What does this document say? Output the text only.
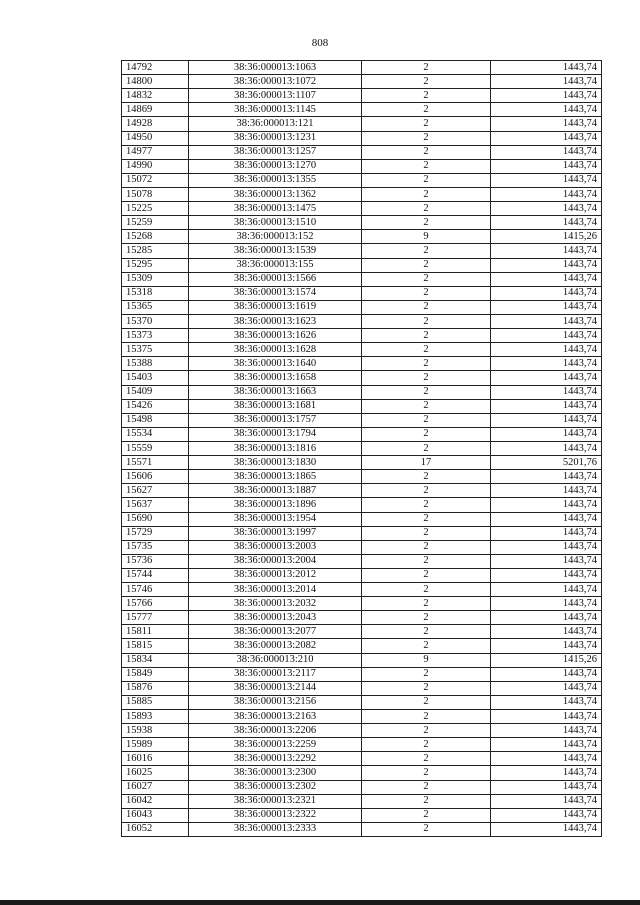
808
14792	38:36:000013:1063	2	1443,74
14800	38:36:000013:1072	2	1443,74
14832	38:36:000013:1107	2	1443,74
14869	38:36:000013:1145	2	1443,74
14928	38:36:000013:121	2	1443,74
14950	38:36:000013:1231	2	1443,74
14977	38:36:000013:1257	2	1443,74
14990	38:36:000013:1270	2	1443,74
15072	38:36:000013:1355	2	1443,74
15078	38:36:000013:1362	2	1443,74
15225	38:36:000013:1475	2	1443,74
15259	38:36:000013:1510	2	1443,74
15268	38:36:000013:152	9	1415,26
15285	38:36:000013:1539	2	1443,74
15295	38:36:000013:155	2	1443,74
15309	38:36:000013:1566	2	1443,74
15318	38:36:000013:1574	2	1443,74
15365	38:36:000013:1619	2	1443,74
15370	38:36:000013:1623	2	1443,74
15373	38:36:000013:1626	2	1443,74
15375	38:36:000013:1628	2	1443,74
15388	38:36:000013:1640	2	1443,74
15403	38:36:000013:1658	2	1443,74
15409	38:36:000013:1663	2	1443,74
15426	38:36:000013:1681	2	1443,74
15498	38:36:000013:1757	2	1443,74
15534	38:36:000013:1794	2	1443,74
15559	38:36:000013:1816	2	1443,74
15571	38:36:000013:1830	17	5201,76
15606	38:36:000013:1865	2	1443,74
15627	38:36:000013:1887	2	1443,74
15637	38:36:000013:1896	2	1443,74
15690	38:36:000013:1954	2	1443,74
15729	38:36:000013:1997	2	1443,74
15735	38:36:000013:2003	2	1443,74
15736	38:36:000013:2004	2	1443,74
15744	38:36:000013:2012	2	1443,74
15746	38:36:000013:2014	2	1443,74
15766	38:36:000013:2032	2	1443,74
15777	38:36:000013:2043	2	1443,74
15811	38:36:000013:2077	2	1443,74
15815	38:36:000013:2082	2	1443,74
15834	38:36:000013:210	9	1415,26
15849	38:36:000013:2117	2	1443,74
15876	38:36:000013:2144	2	1443,74
15885	38:36:000013:2156	2	1443,74
15893	38:36:000013:2163	2	1443,74
15938	38:36:000013:2206	2	1443,74
15989	38:36:000013:2259	2	1443,74
16016	38:36:000013:2292	2	1443,74
16025	38:36:000013:2300	2	1443,74
16027	38:36:000013:2302	2	1443,74
16042	38:36:000013:2321	2	1443,74
16043	38:36:000013:2322	2	1443,74
16052	38:36:000013:2333	2	1443,74
